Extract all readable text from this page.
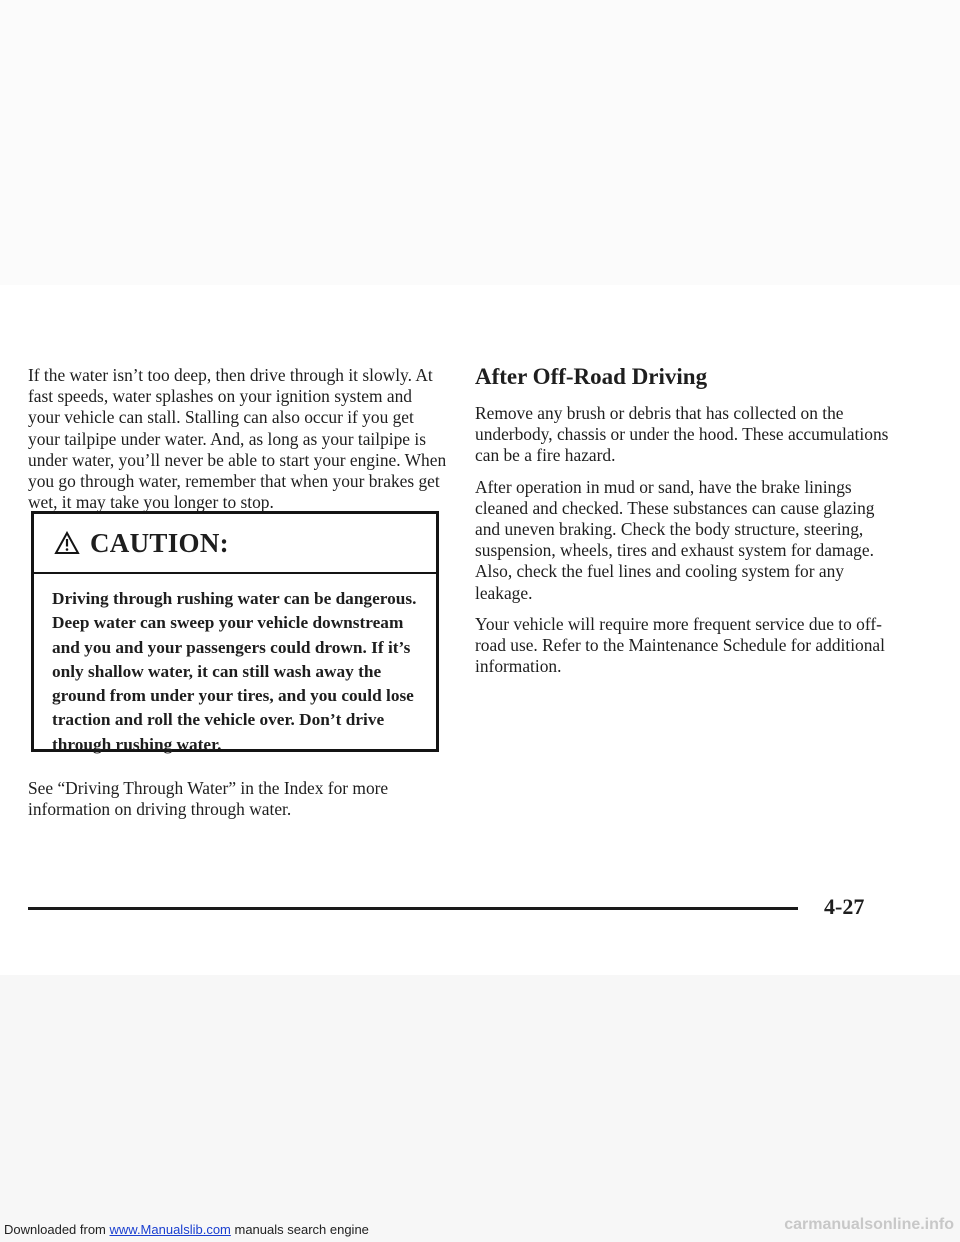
If the water isn’t too deep, then drive through it slowly. At fast speeds, water splashes on your ignition system and your vehicle can stall. Stalling can also occur if you get your tailpipe under water. And, as long as your tailpipe is under water, you’ll never be able to start your engine. When you go through water, remember that when your brakes get wet, it may take you longer to stop.

CAUTION:
Driving through rushing water can be dangerous. Deep water can sweep your vehicle downstream and you and your passengers could drown. If it’s only shallow water, it can still wash away the ground from under your tires, and you could lose traction and roll the vehicle over. Don’t drive through rushing water.

See “Driving Through Water” in the Index for more information on driving through water.

After Off-Road Driving

Remove any brush or debris that has collected on the underbody, chassis or under the hood. These accumulations can be a fire hazard.

After operation in mud or sand, have the brake linings cleaned and checked. These substances can cause glazing and uneven braking. Check the body structure, steering, suspension, wheels, tires and exhaust system for damage. Also, check the fuel lines and cooling system for any leakage.

Your vehicle will require more frequent service due to off-road use. Refer to the Maintenance Schedule for additional information.

4-27
Downloaded from www.Manualslib.com manuals search engine	carmanualsonline.info
